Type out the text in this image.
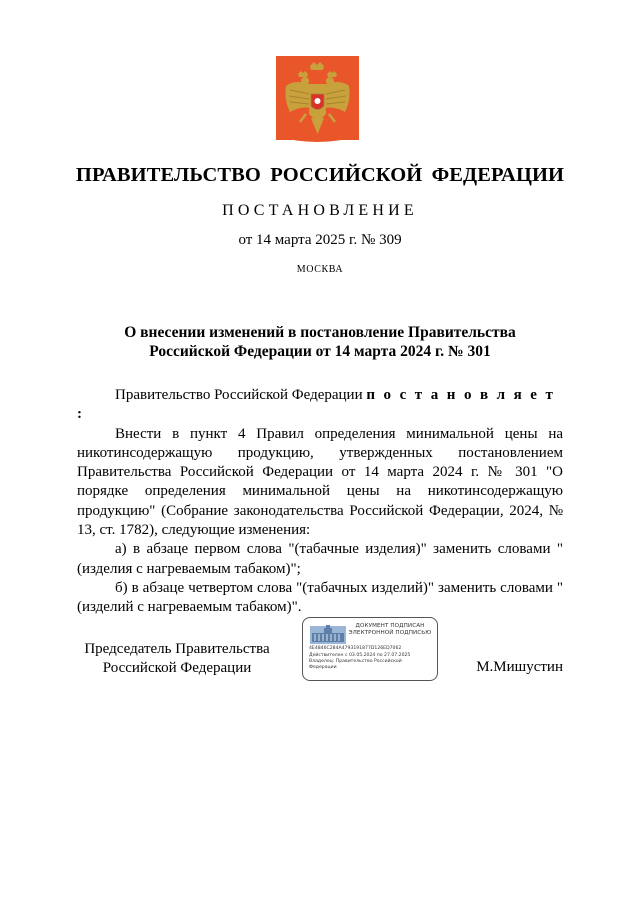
ПРАВИТЕЛЬСТВО РОССИЙСКОЙ ФЕДЕРАЦИИ
ПОСТАНОВЛЕНИЕ
от 14 марта 2025 г. № 309
МОСКВА
О внесении изменений в постановление Правительства
Российской Федерации от 14 марта 2024 г. № 301

Правительство Российской Федерации п о с т а н о в л я е т :

Внести в пункт 4 Правил определения минимальной цены на никотинсодержащую продукцию, утвержденных постановлением Правительства Российской Федерации от 14 марта 2024 г. № 301 "О порядке определения минимальной цены на никотинсодержащую продукцию" (Собрание законодательства Российской Федерации, 2024, № 13, ст. 1782), следующие изменения:

а) в абзаце первом слова "(табачные изделия)" заменить словами "(изделия с нагреваемым табаком)";

б) в абзаце четвертом слова "(табачных изделий)" заменить словами "(изделий с нагреваемым табаком)".

Председатель Правительства
Российской Федерации
ДОКУМЕНТ ПОДПИСАН
ЭЛЕКТРОННОЙ ПОДПИСЬЮ
4E4846C284A4793191877D126ED7062
Действителен с 03.05.2024 по 27.07.2025
Владелец: Правительство Российской
Федерации	М.Мишустин
